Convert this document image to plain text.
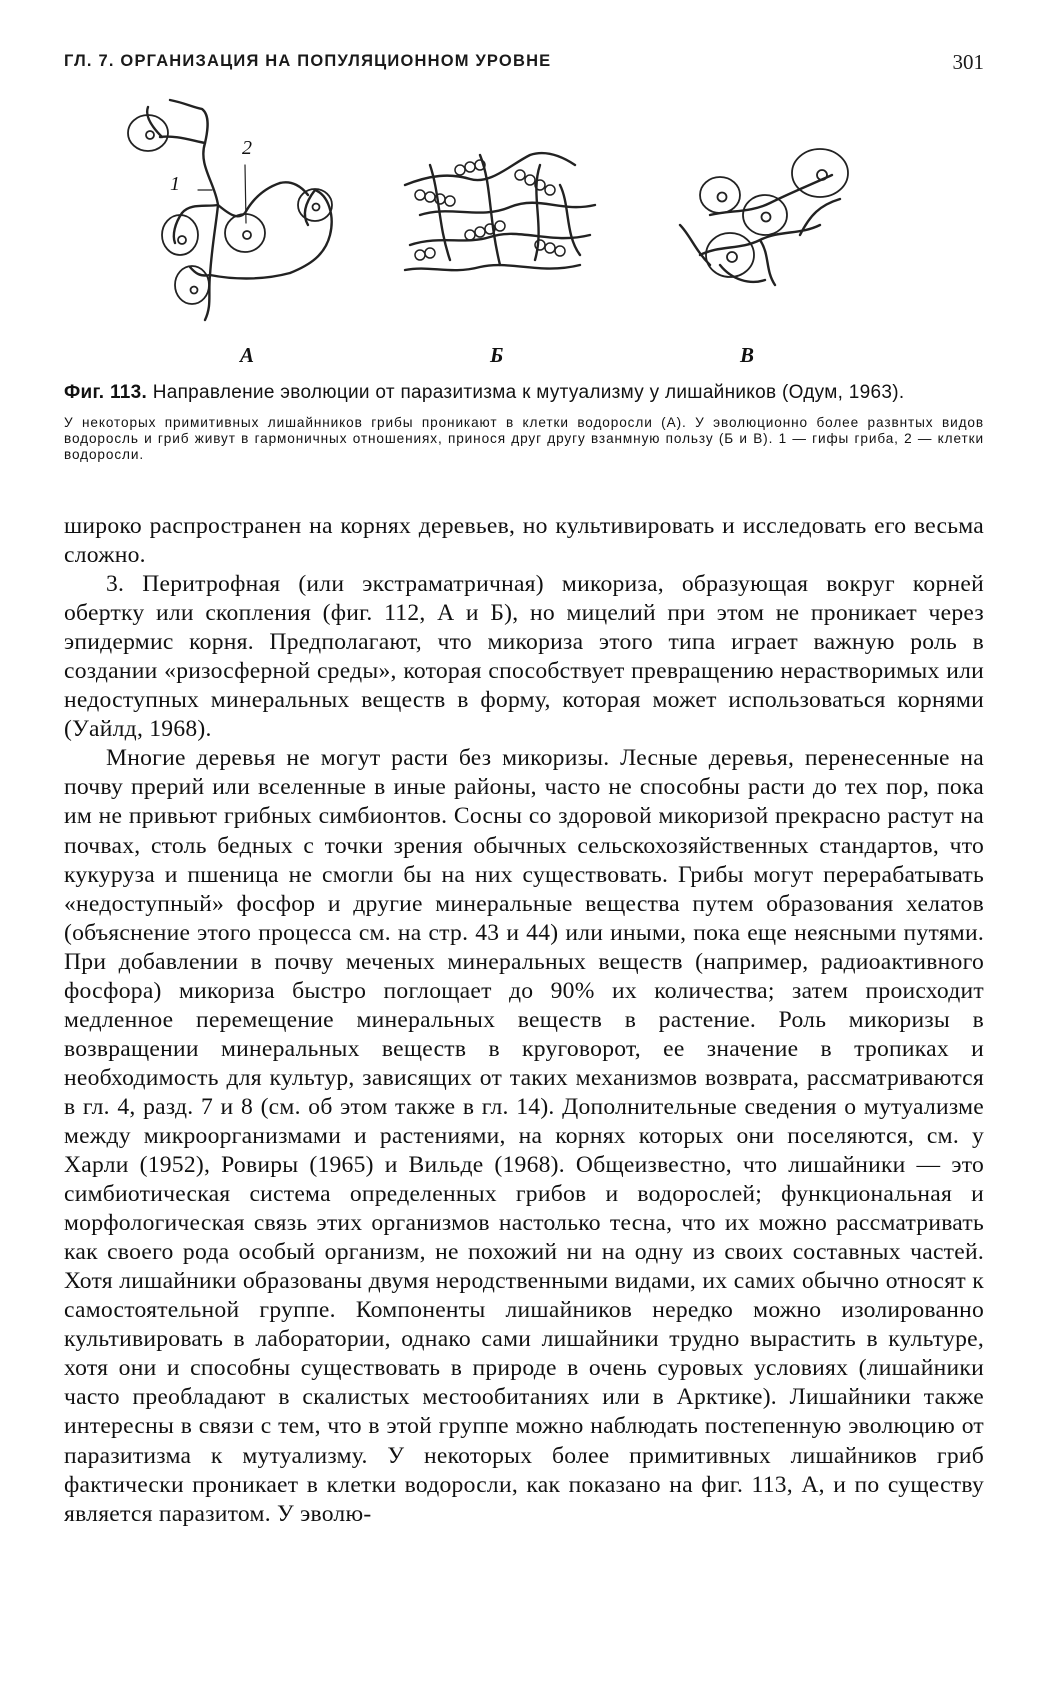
ГЛ. 7. ОРГАНИЗАЦИЯ НА ПОПУЛЯЦИОННОМ УРОВНЕ	301
А	Б	В
1
2

Фиг. 113. Направление эволюции от паразитизма к мутуализму у лишайников (Одум, 1963).

У некоторых примитивных лишайнников грибы проникают в клетки водоросли (А). У эволюционно более развнтых видов водоросль и гриб живут в гармоничных отношениях, принося друг другу взанмную пользу (Б и В). 1 — гифы гриба, 2 — клетки водоросли.

широко распространен на корнях деревьев, но культивировать и исследовать его весьма сложно.

3. Перитрофная (или экстраматричная) микориза, образующая вокруг корней обертку или скопления (фиг. 112, А и Б), но мицелий при этом не проникает через эпидермис корня. Предполагают, что микориза этого типа играет важную роль в создании «ризосферной среды», которая способствует превращению нерастворимых или недоступных минеральных веществ в форму, которая может использоваться корнями (Уайлд, 1968).

Многие деревья не могут расти без микоризы. Лесные деревья, перенесенные на почву прерий или вселенные в иные районы, часто не способны расти до тех пор, пока им не привьют грибных симбионтов. Сосны со здоровой микоризой прекрасно растут на почвах, столь бедных с точки зрения обычных сельскохозяйственных стандартов, что кукуруза и пшеница не смогли бы на них существовать. Грибы могут перерабатывать «недоступный» фосфор и другие минеральные вещества путем образования хелатов (объяснение этого процесса см. на стр. 43 и 44) или иными, пока еще неясными путями. При добавлении в почву меченых минеральных веществ (например, радиоактивного фосфора) микориза быстро поглощает до 90% их количества; затем происходит медленное перемещение минеральных веществ в растение. Роль микоризы в возвращении минеральных веществ в круговорот, ее значение в тропиках и необходимость для культур, зависящих от таких механизмов возврата, рассматриваются в гл. 4, разд. 7 и 8 (см. об этом также в гл. 14). Дополнительные сведения о мутуализме между микроорганизмами и растениями, на корнях которых они поселяются, см. у Харли (1952), Ровиры (1965) и Вильде (1968). Общеизвестно, что лишайники — это симбиотическая система определенных грибов и водорослей; функциональная и морфологическая связь этих организмов настолько тесна, что их можно рассматривать как своего рода особый организм, не похожий ни на одну из своих составных частей. Хотя лишайники образованы двумя неродственными видами, их самих обычно относят к самостоятельной группе. Компоненты лишайников нередко можно изолированно культивировать в лаборатории, однако сами лишайники трудно вырастить в культуре, хотя они и способны существовать в природе в очень суровых условиях (лишайники часто преобладают в скалистых местообитаниях или в Арктике). Лишайники также интересны в связи с тем, что в этой группе можно наблюдать постепенную эволюцию от паразитизма к мутуализму. У некоторых более примитивных лишайников гриб фактически проникает в клетки водоросли, как показано на фиг. 113, А, и по существу является паразитом. У эволю-
